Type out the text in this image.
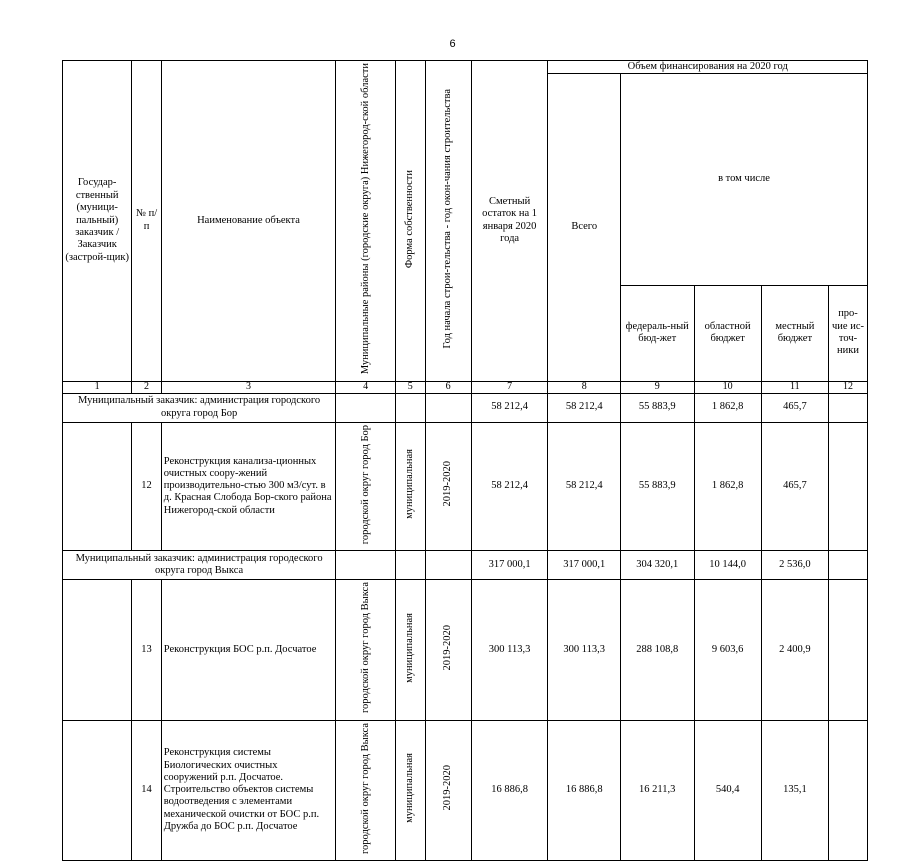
6
Государ-ственный (муници-пальный) заказчик / Заказчик (застрой-щик)	№ п/п	Наименование объекта	Муниципальные районы (городские округа) Нижегород-ской области	Форма собственности	Год начала строи-тельства - год окон-чания строительства	Сметный остаток на 1 января 2020 года	Объем финансирования на 2020 год				
							Всего	в том числе			
								федераль-ный бюд-жет	областной бюджет	местный бюджет	про-чие ис-точ-ники
1	2	3	4	5	6	7	8	9	10	11	12
Муниципальный заказчик: администрация городского округа город Бор						58 212,4	58 212,4	55 883,9	1 862,8	465,7	
	12	Реконструкция канализа-ционных очистных соору-жений производительно-стью 300 м3/сут. в д. Красная Слобода Бор-ского района Нижегород-ской области	городской округ город Бор	муниципальная	2019-2020	58 212,4	58 212,4	55 883,9	1 862,8	465,7	
Муниципальный заказчик: администрация городеского округа город Выкса						317 000,1	317 000,1	304 320,1	10 144,0	2 536,0	
	13	Реконструкция БОС р.п. Досчатое	городской округ город Выкса	муниципальная	2019-2020	300 113,3	300 113,3	288 108,8	9 603,6	2 400,9	
	14	Реконструкция системы Биологических очистных сооружений р.п. Досчатое. Строительство объектов системы водоотведения с элементами механической очистки от БОС р.п. Дружба до БОС р.п. Досчатое	городской округ город Выкса	муниципальная	2019-2020	16 886,8	16 886,8	16 211,3	540,4	135,1	
